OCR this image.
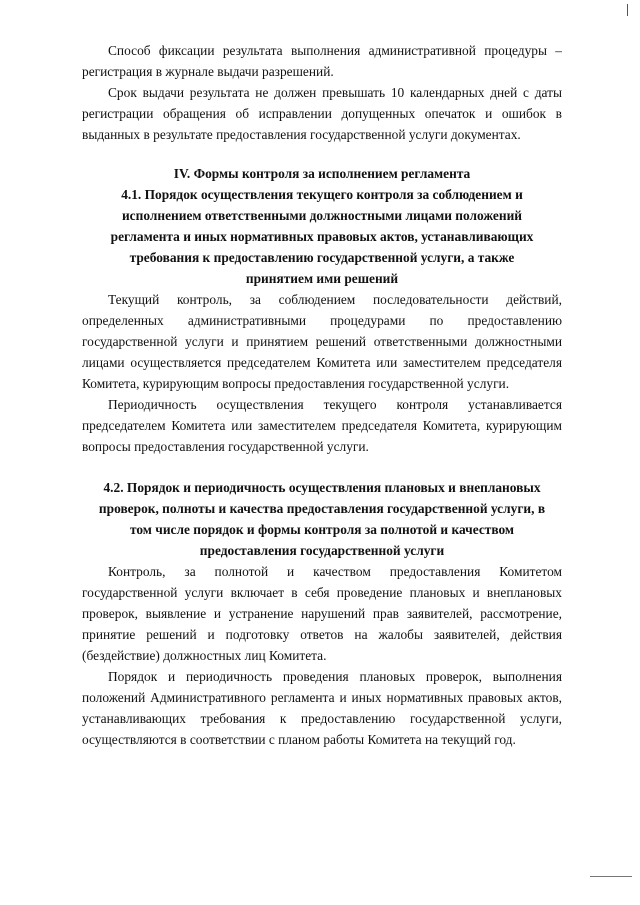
Способ фиксации результата выполнения административной процедуры – регистрация в журнале выдачи разрешений.

Срок выдачи результата не должен превышать 10 календарных дней с даты регистрации обращения об исправлении допущенных опечаток и ошибок в выданных в результате предоставления государственной услуги документах.

IV. Формы контроля за исполнением регламента

4.1. Порядок осуществления текущего контроля за соблюдением и исполнением ответственными должностными лицами положений регламента и иных нормативных правовых актов, устанавливающих требования к предоставлению государственной услуги, а также принятием ими решений

Текущий контроль, за соблюдением последовательности действий, определенных административными процедурами по предоставлению государственной услуги и принятием решений ответственными должностными лицами осуществляется председателем Комитета или заместителем председателя Комитета, курирующим вопросы предоставления государственной услуги.

Периодичность осуществления текущего контроля устанавливается председателем Комитета или заместителем председателя Комитета, курирующим вопросы предоставления государственной услуги.

4.2. Порядок и периодичность осуществления плановых и внеплановых проверок, полноты и качества предоставления государственной услуги, в том числе порядок и формы контроля за полнотой и качеством предоставления государственной услуги

Контроль, за полнотой и качеством предоставления Комитетом государственной услуги включает в себя проведение плановых и внеплановых проверок, выявление и устранение нарушений прав заявителей, рассмотрение, принятие решений и подготовку ответов на жалобы заявителей, действия (бездействие) должностных лиц Комитета.

Порядок и периодичность проведения плановых проверок, выполнения положений Административного регламента и иных нормативных правовых актов, устанавливающих требования к предоставлению государственной услуги, осуществляются в соответствии с планом работы Комитета на текущий год.
